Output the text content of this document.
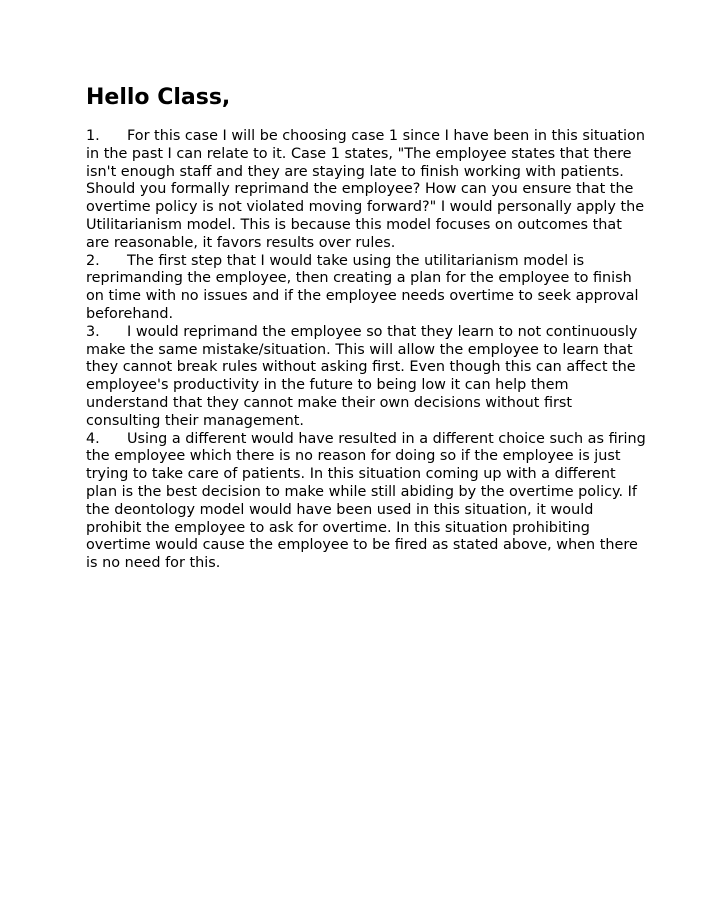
Hello Class,

1. For this case I will be choosing case 1 since I have been in this situation in the past I can relate to it. Case 1 states, "The employee states that there isn't enough staff and they are staying late to finish working with patients. Should you formally reprimand the employee? How can you ensure that the overtime policy is not violated moving forward?" I would personally apply the Utilitarianism model. This is because this model focuses on outcomes that are reasonable, it favors results over rules.

2. The first step that I would take using the utilitarianism model is reprimanding the employee, then creating a plan for the employee to finish on time with no issues and if the employee needs overtime to seek approval beforehand.

3. I would reprimand the employee so that they learn to not continuously make the same mistake/situation. This will allow the employee to learn that they cannot break rules without asking first. Even though this can affect the employee's productivity in the future to being low it can help them understand that they cannot make their own decisions without first consulting their management.

4. Using a different would have resulted in a different choice such as firing the employee which there is no reason for doing so if the employee is just trying to take care of patients. In this situation coming up with a different plan is the best decision to make while still abiding by the overtime policy. If the deontology model would have been used in this situation, it would prohibit the employee to ask for overtime. In this situation prohibiting overtime would cause the employee to be fired as stated above, when there is no need for this.
